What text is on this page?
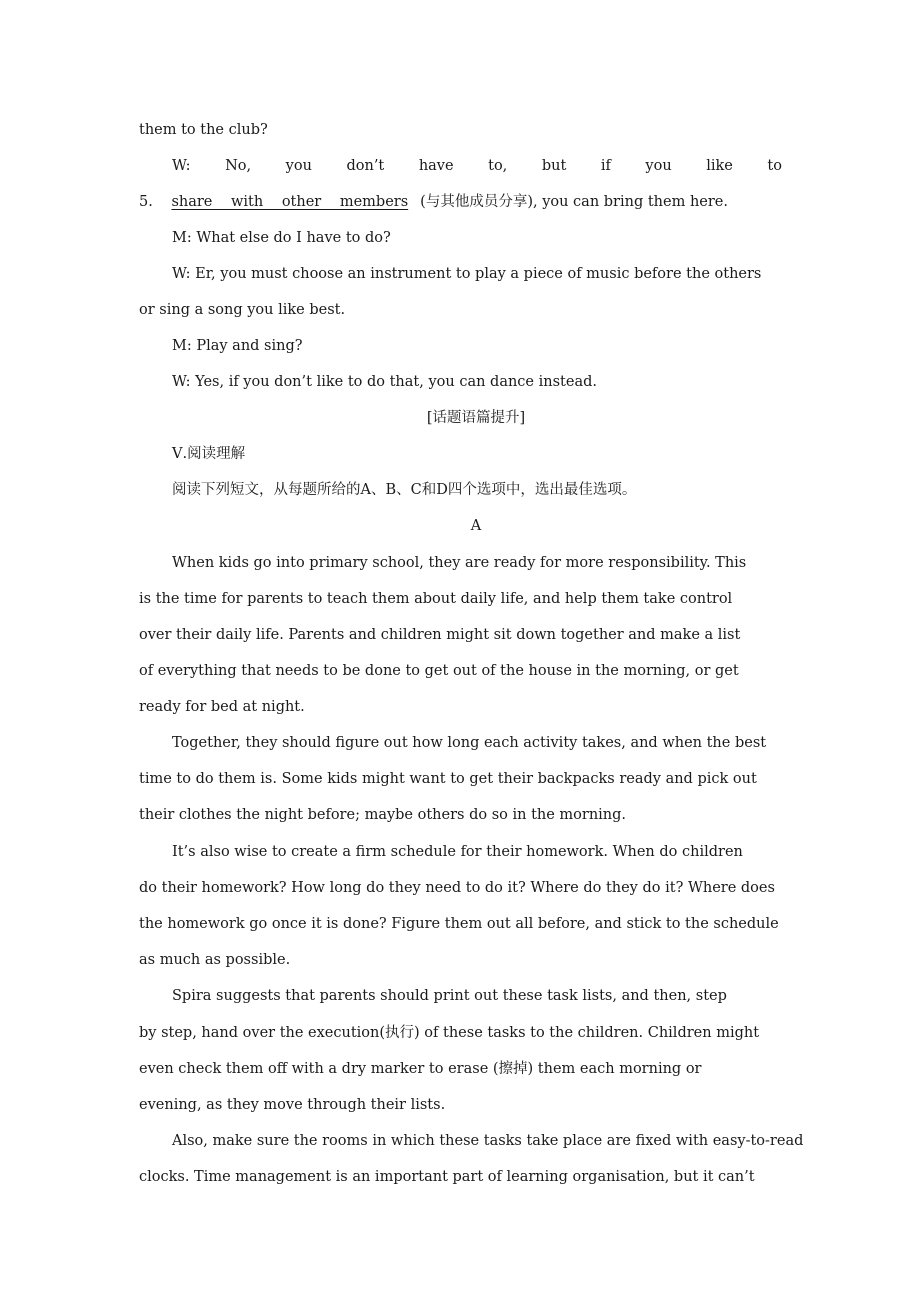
them to the club?
W: No, you don’t have to, but if you like to
5. share with other members (与其他成员分享), you can bring them here.
M: What else do I have to do?
W: Er, you must choose an instrument to play a piece of music before the others
or sing a song you like best.
M: Play and sing?
W: Yes, if you don’t like to do that, you can dance instead.
[话题语篇提升]
Ⅴ.阅读理解
阅读下列短文，从每题所给的A、B、C和D四个选项中，选出最佳选项。
A
When kids go into primary school, they are ready for more responsibility. This
is the time for parents to teach them about daily life, and help them take control
over their daily life. Parents and children might sit down together and make a list
of everything that needs to be done to get out of the house in the morning, or get
ready for bed at night.
Together, they should figure out how long each activity takes, and when the best
time to do them is. Some kids might want to get their backpacks ready and pick out
their clothes the night before; maybe others do so in the morning.
It’s also wise to create a firm schedule for their homework. When do children
do their homework? How long do they need to do it? Where do they do it? Where does
the homework go once it is done? Figure them out all before, and stick to the schedule
as much as possible.
Spira suggests that parents should print out these task lists, and then, step
by step, hand over the execution(执行) of these tasks to the children. Children might
even check them off with a dry marker to erase (擦掉) them each morning or
evening, as they move through their lists.
Also, make sure the rooms in which these tasks take place are fixed with easy-to-read
clocks. Time management is an important part of learning organisation, but it can’t
